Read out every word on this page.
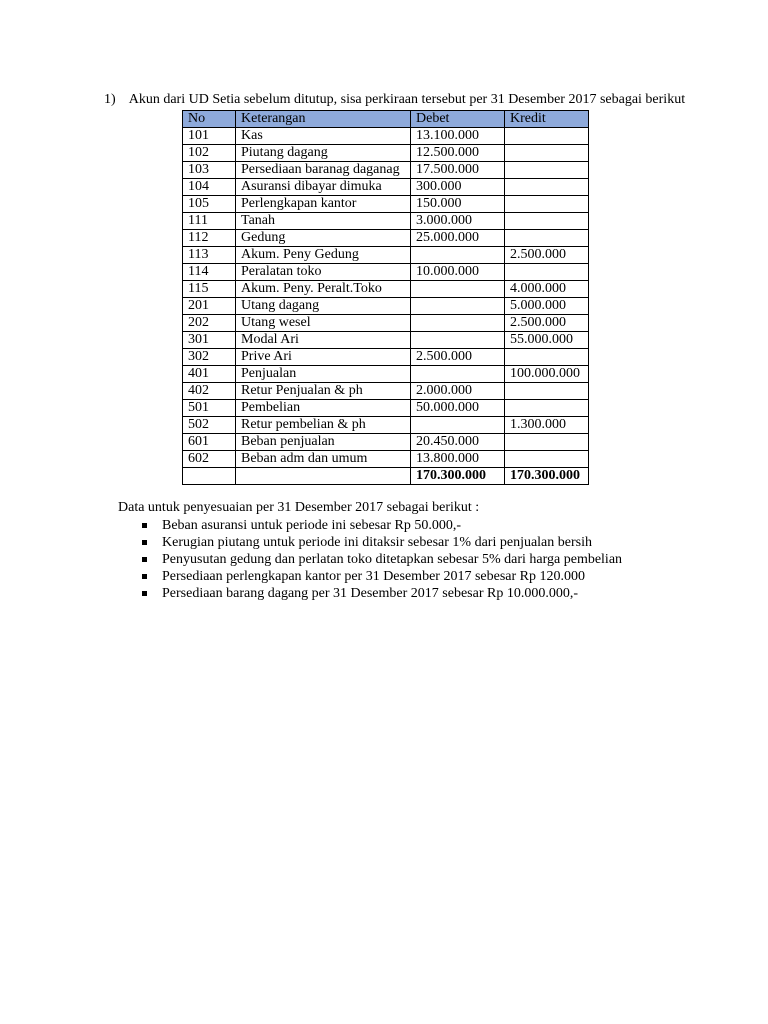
1) Akun dari UD Setia sebelum ditutup, sisa perkiraan tersebut per 31 Desember 2017 sebagai berikut
No	Keterangan	Debet	Kredit
101	Kas	13.100.000	
102	Piutang dagang	12.500.000	
103	Persediaan baranag daganag	17.500.000	
104	Asuransi dibayar dimuka	300.000	
105	Perlengkapan kantor	150.000	
111	Tanah	3.000.000	
112	Gedung	25.000.000	
113	Akum. Peny Gedung		2.500.000
114	Peralatan toko	10.000.000	
115	Akum. Peny. Peralt.Toko		4.000.000
201	Utang dagang		5.000.000
202	Utang wesel		2.500.000
301	Modal Ari		55.000.000
302	Prive Ari	2.500.000	
401	Penjualan		100.000.000
402	Retur Penjualan & ph	2.000.000	
501	Pembelian	50.000.000	
502	Retur pembelian & ph		1.300.000
601	Beban penjualan	20.450.000	
602	Beban adm dan umum	13.800.000	
		170.300.000	170.300.000
Data untuk penyesuaian per 31 Desember 2017 sebagai berikut :
Beban asuransi untuk periode ini sebesar Rp 50.000,-
Kerugian piutang untuk periode ini ditaksir sebesar 1% dari penjualan bersih
Penyusutan gedung dan perlatan toko ditetapkan sebesar 5% dari harga pembelian
Persediaan perlengkapan kantor per 31 Desember 2017 sebesar Rp 120.000
Persediaan barang dagang per 31 Desember 2017 sebesar Rp 10.000.000,-
